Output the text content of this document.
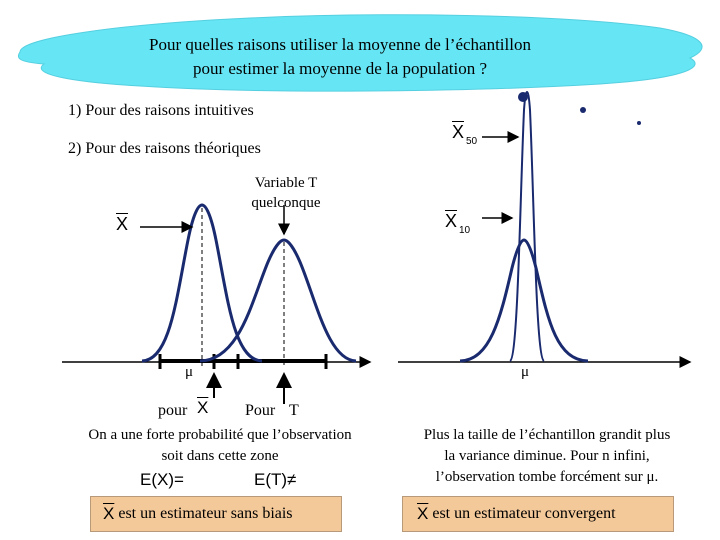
Pour quelles raisons utiliser la moyenne de l’échantillon
pour estimer la moyenne de la population ?
1) Pour des raisons intuitives
2) Pour des raisons théoriques
Variable T
quelconque
$\overline{X}$
μ
pour $\overline{X}$ Pour T
On a une forte probabilité que l’observation
soit dans cette zone
E(X)=	E(T)≠
$\overline{X}$ est un estimateur sans biais
$\overline{X}$ 50
$\overline{X}$ 10
μ
Plus la taille de l’échantillon grandit plus
la variance diminue. Pour n infini,
l’observation tombe forcément sur μ.
$\overline{X}$ est un estimateur convergent
